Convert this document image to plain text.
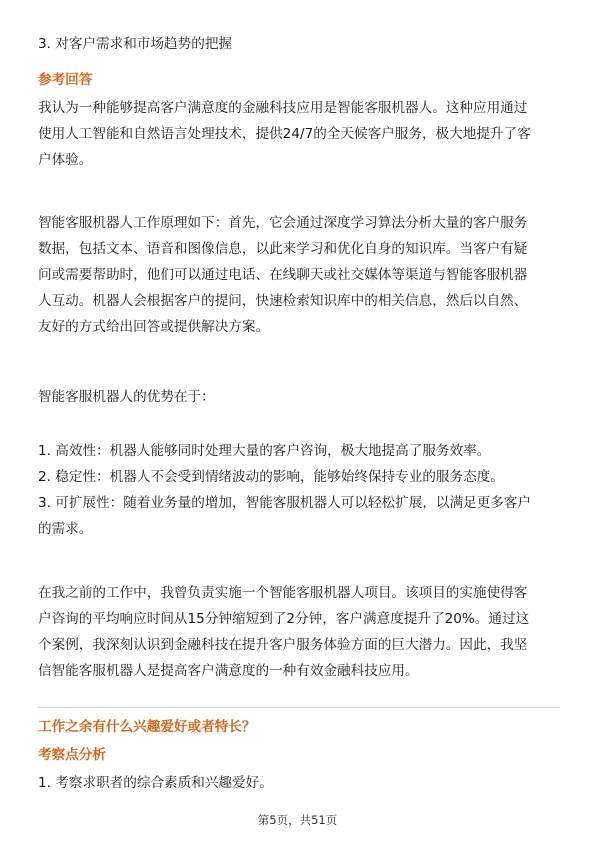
3. 对客户需求和市场趋势的把握

参考回答

我认为一种能够提高客户满意度的金融科技应用是智能客服机器人。这种应用通过

使用人工智能和自然语言处理技术，提供24/7的全天候客户服务，极大地提升了客

户体验。

智能客服机器人工作原理如下：首先，它会通过深度学习算法分析大量的客户服务

数据，包括文本、语音和图像信息，以此来学习和优化自身的知识库。当客户有疑

问或需要帮助时，他们可以通过电话、在线聊天或社交媒体等渠道与智能客服机器

人互动。机器人会根据客户的提问，快速检索知识库中的相关信息，然后以自然、

友好的方式给出回答或提供解决方案。

智能客服机器人的优势在于：

1. 高效性：机器人能够同时处理大量的客户咨询，极大地提高了服务效率。

2. 稳定性：机器人不会受到情绪波动的影响，能够始终保持专业的服务态度。

3. 可扩展性：随着业务量的增加，智能客服机器人可以轻松扩展，以满足更多客户

的需求。

在我之前的工作中，我曾负责实施一个智能客服机器人项目。该项目的实施使得客

户咨询的平均响应时间从15分钟缩短到了2分钟，客户满意度提升了20%。通过这

个案例，我深刻认识到金融科技在提升客户服务体验方面的巨大潜力。因此，我坚

信智能客服机器人是提高客户满意度的一种有效金融科技应用。

工作之余有什么兴趣爱好或者特长？

考察点分析

1. 考察求职者的综合素质和兴趣爱好。

第5页，共51页
